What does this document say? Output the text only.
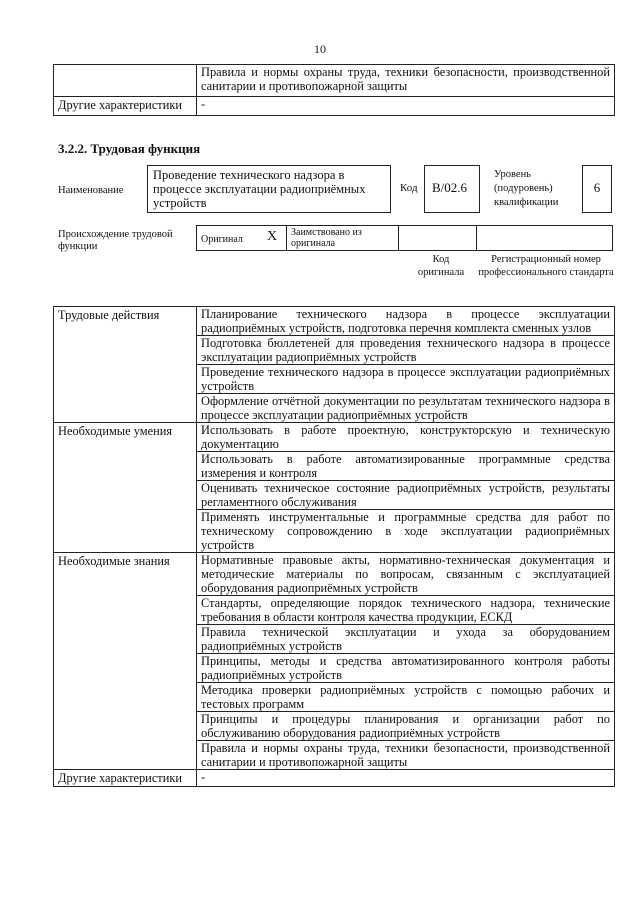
10
	Правила и нормы охраны труда, техники безопасности, производственной санитарии и противопожарной защиты
Другие характеристики	-
3.2.2. Трудовая функция
Наименование
Проведение технического надзора в процессе эксплуатации радиоприёмных устройств
Код	B/02.6
Уровень (подуровень) квалификации
6
Происхождение трудовой функции
Оригинал X	Заимствовано из оригинала		
Код оригинала
Регистрационный номер профессионального стандарта
Трудовые действия	Планирование технического надзора в процессе эксплуатации радиоприёмных устройств, подготовка перечня комплекта сменных узлов
	Подготовка бюллетеней для проведения технического надзора в процессе эксплуатации радиоприёмных устройств
	Проведение технического надзора в процессе эксплуатации радиоприёмных устройств
	Оформление отчётной документации по результатам технического надзора в процессе эксплуатации радиоприёмных устройств
Необходимые умения	Использовать в работе проектную, конструкторскую и техническую документацию
	Использовать в работе автоматизированные программные средства измерения и контроля
	Оценивать техническое состояние радиоприёмных устройств, результаты регламентного обслуживания
	Применять инструментальные и программные средства для работ по техническому сопровождению в ходе эксплуатации радиоприёмных устройств
Необходимые знания	Нормативные правовые акты, нормативно-техническая документация и методические материалы по вопросам, связанным с эксплуатацией оборудования радиоприёмных устройств
	Стандарты, определяющие порядок технического надзора, технические требования в области контроля качества продукции, ЕСКД
	Правила технической эксплуатации и ухода за оборудованием радиоприёмных устройств
	Принципы, методы и средства автоматизированного контроля работы радиоприёмных устройств
	Методика проверки радиоприёмных устройств с помощью рабочих и тестовых программ
	Принципы и процедуры планирования и организации работ по обслуживанию оборудования радиоприёмных устройств
	Правила и нормы охраны труда, техники безопасности, производственной санитарии и противопожарной защиты
Другие характеристики	-
